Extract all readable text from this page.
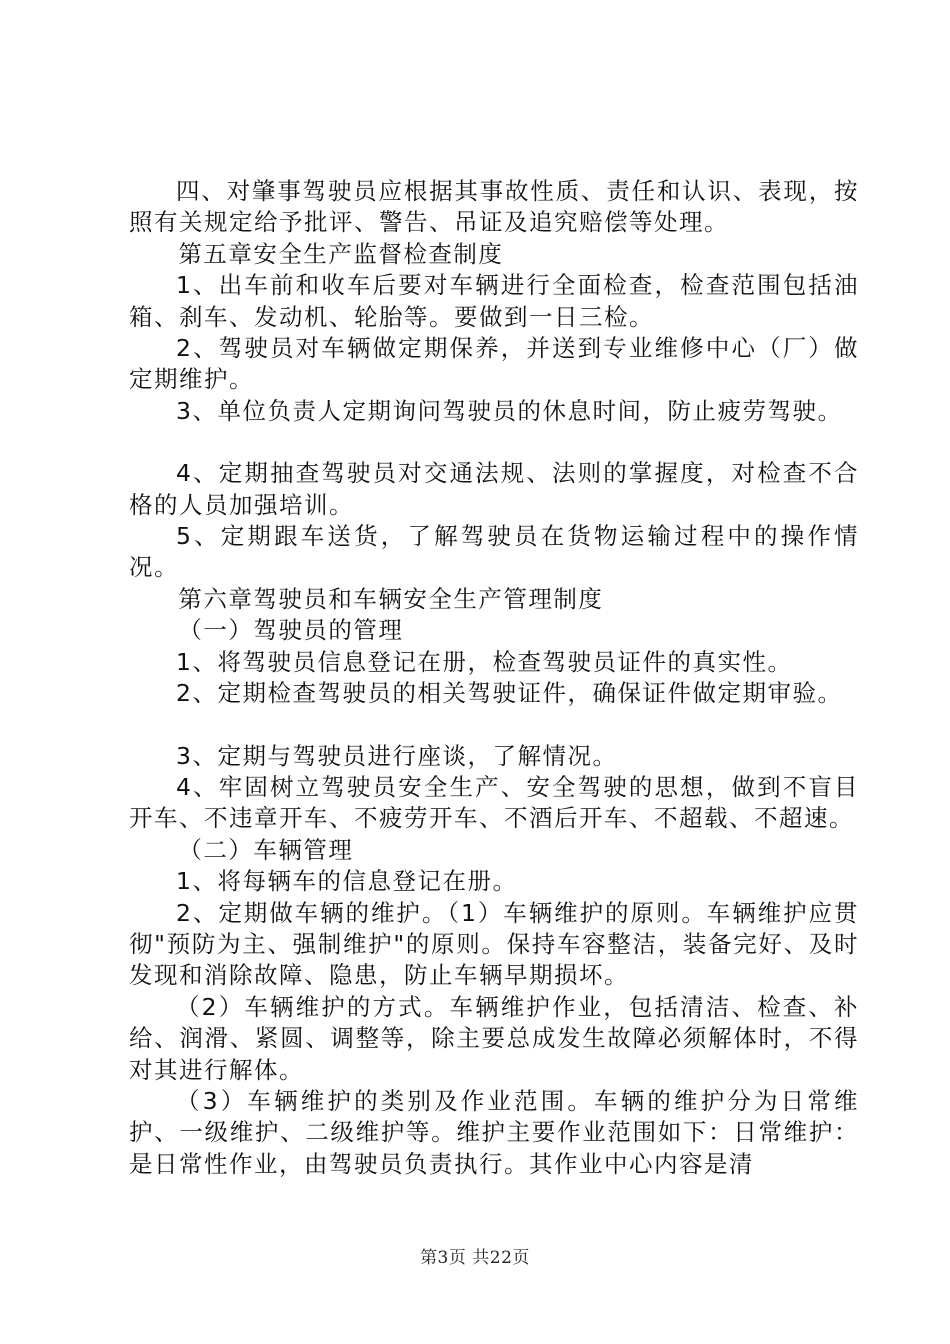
四、对肇事驾驶员应根据其事故性质、责任和认识、表现，按照有关规定给予批评、警告、吊证及追究赔偿等处理。

第五章安全生产监督检查制度

1、出车前和收车后要对车辆进行全面检查，检查范围包括油箱、刹车、发动机、轮胎等。要做到一日三检。

2、驾驶员对车辆做定期保养，并送到专业维修中心（厂）做定期维护。

3、单位负责人定期询问驾驶员的休息时间，防止疲劳驾驶。

4、定期抽查驾驶员对交通法规、法则的掌握度，对检查不合格的人员加强培训。

5、定期跟车送货，了解驾驶员在货物运输过程中的操作情况。

第六章驾驶员和车辆安全生产管理制度

（一）驾驶员的管理

1、将驾驶员信息登记在册，检查驾驶员证件的真实性。

2、定期检查驾驶员的相关驾驶证件，确保证件做定期审验。

3、定期与驾驶员进行座谈，了解情况。

4、牢固树立驾驶员安全生产、安全驾驶的思想，做到不盲目开车、不违章开车、不疲劳开车、不酒后开车、不超载、不超速。

（二）车辆管理

1、将每辆车的信息登记在册。

2、定期做车辆的维护。（1）车辆维护的原则。车辆维护应贯彻"预防为主、强制维护"的原则。保持车容整洁，装备完好、及时发现和消除故障、隐患，防止车辆早期损坏。

（2）车辆维护的方式。车辆维护作业，包括清洁、检查、补给、润滑、紧圆、调整等，除主要总成发生故障必须解体时，不得对其进行解体。

（3）车辆维护的类别及作业范围。车辆的维护分为日常维护、一级维护、二级维护等。维护主要作业范围如下：日常维护：是日常性作业，由驾驶员负责执行。其作业中心内容是清

第3页 共22页
